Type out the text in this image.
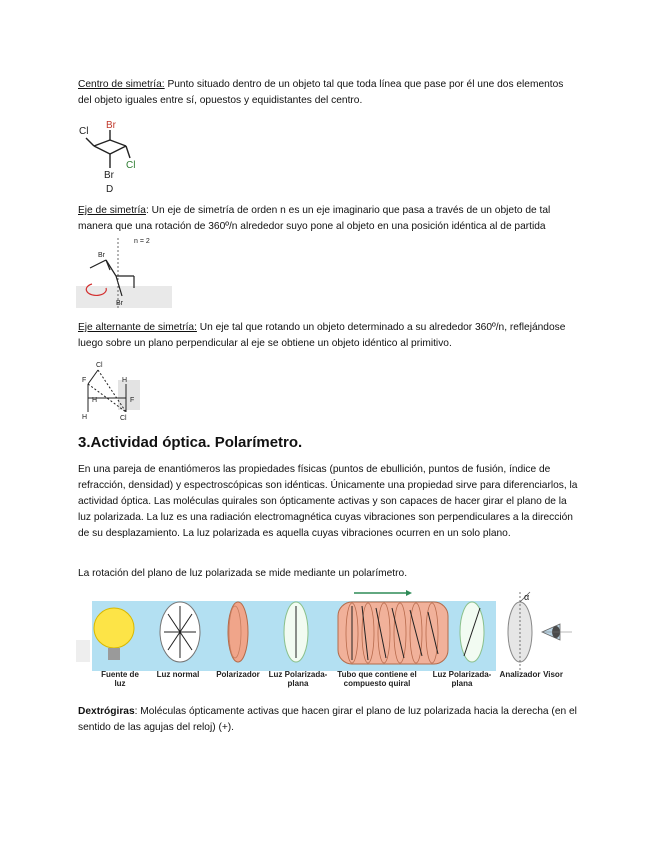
Centro de simetría: Punto situado dentro de un objeto tal que toda línea que pase por él une dos elementos del objeto iguales entre sí, opuestos y equidistantes del centro.

Br
Cl
Cl
Br
D

Eje de simetría: Un eje de simetría de orden n es un eje imaginario que pasa a través de un objeto de tal manera que una rotación de 360º/n alrededor suyo pone al objeto en una posición idéntica al de partida

n = 2
Br
Br

Eje alternante de simetría: Un eje tal que rotando un objeto determinado a su alrededor 360º/n, reflejándose luego sobre un plano perpendicular al eje se obtiene un objeto idéntico al primitivo.

Cl
F	H
H	F
H	Cl
3.Actividad óptica. Polarímetro.

En una pareja de enantiómeros las propiedades físicas (puntos de ebullición, puntos de fusión, índice de refracción, densidad) y espectroscópicas son idénticas. Únicamente una propiedad sirve para diferenciarlos, la actividad óptica. Las moléculas quirales son ópticamente activas y son capaces de hacer girar el plano de la luz polarizada. La luz es una radiación electromagnética cuyas vibraciones son perpendiculares a la dirección de su desplazamiento. La luz polarizada es aquella cuyas vibraciones ocurren en un solo plano.

La rotación del plano de luz polarizada se mide mediante un polarímetro.

α
Fuente de luz
Luz normal	Polarizador	Luz Polarizada-plana
Tubo que contiene el compuesto quiral
Luz Polarizada-plana
Analizador Visor

Dextrógiras: Moléculas ópticamente activas que hacen girar el plano de luz polarizada hacia la derecha (en el sentido de las agujas del reloj) (+).
